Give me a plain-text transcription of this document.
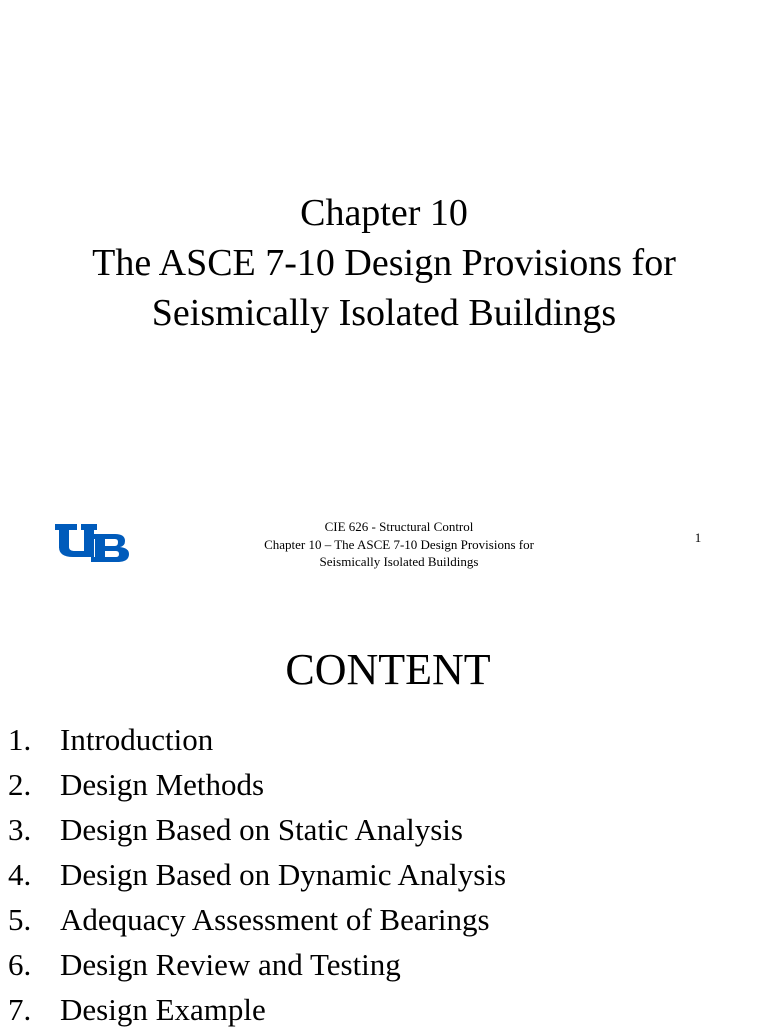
Chapter 10
The ASCE 7-10 Design Provisions for
Seismically Isolated Buildings
CIE 626 - Structural Control
Chapter 10 – The ASCE 7-10 Design Provisions for
Seismically Isolated Buildings
1
CONTENT
1. Introduction
2. Design Methods
3. Design Based on Static Analysis
4. Design Based on Dynamic Analysis
5. Adequacy Assessment of Bearings
6. Design Review and Testing
7. Design Example
